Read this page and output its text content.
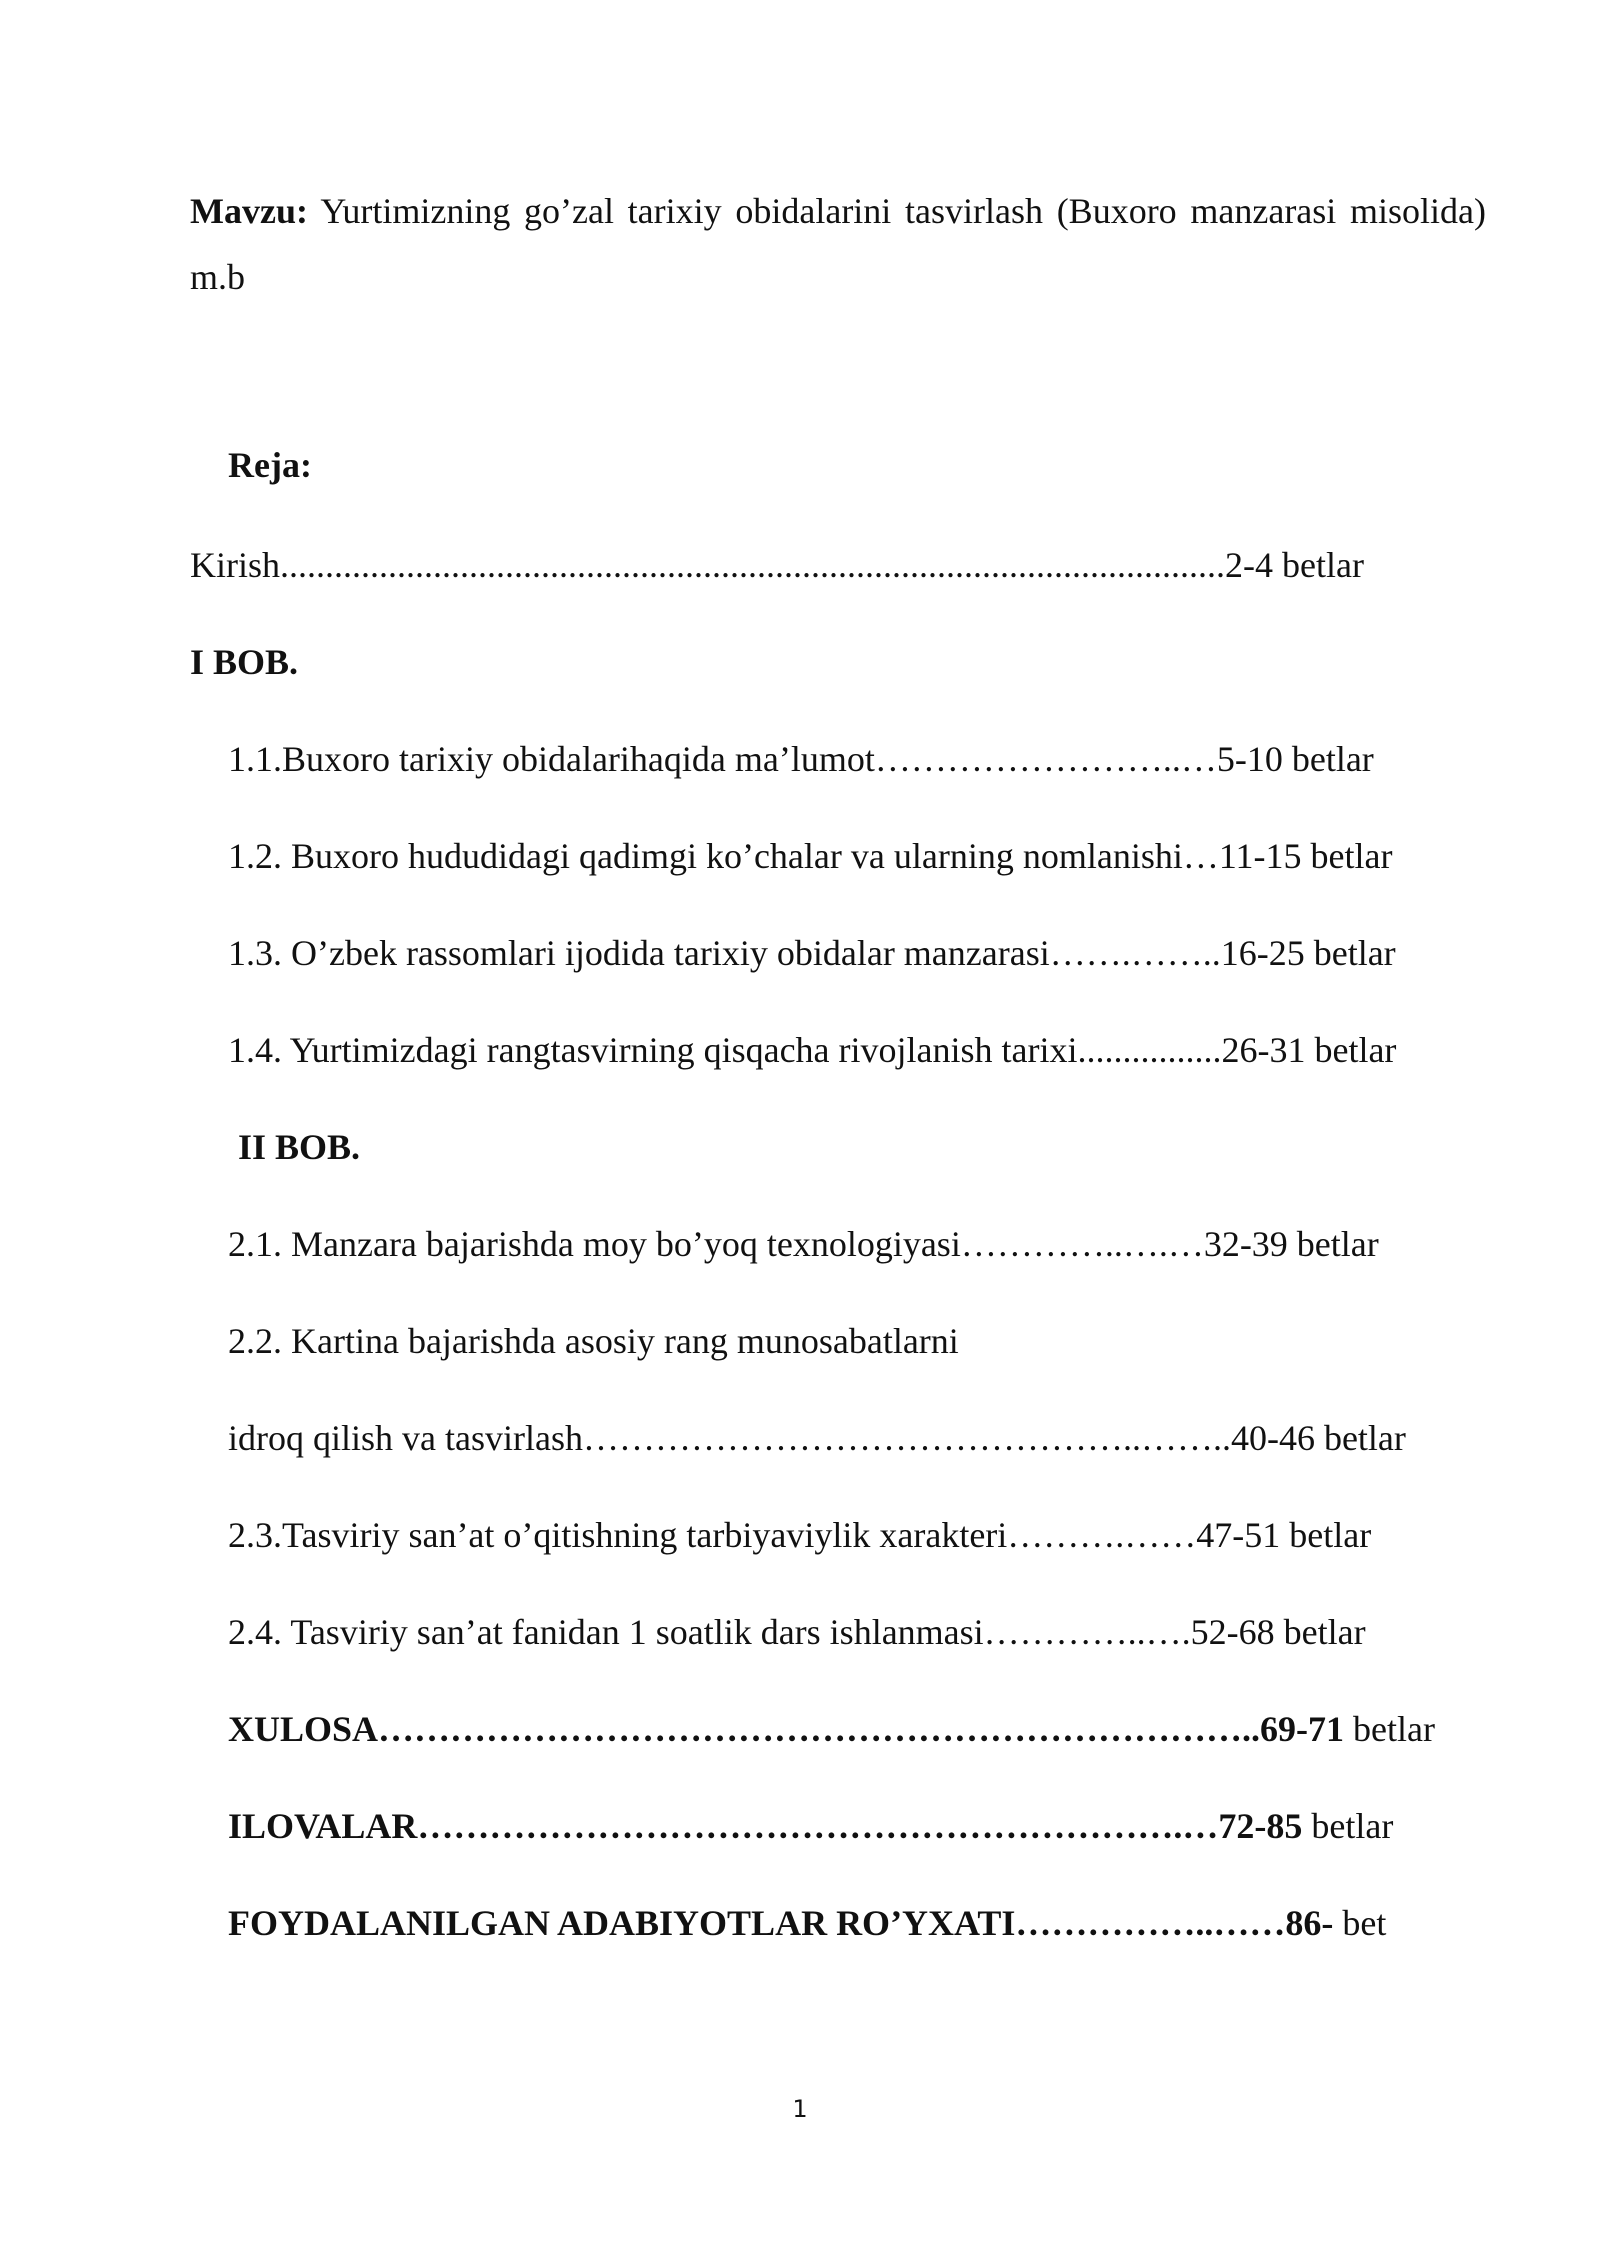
Mavzu: Yurtimizning go’zal tarixiy obidalarini tasvirlash (Buxoro manzarasi misolida) m.b
Reja:
Kirish.........................................................................................................2-4 betlar
I BOB.
1.1.Buxoro tarixiy obidalarihaqida ma’lumot……………………..…5-10 betlar
1.2. Buxoro hududidagi qadimgi ko’chalar va ularning nomlanishi…11-15 betlar
1.3. O’zbek rassomlari ijodida tarixiy obidalar manzarasi…….……..16-25 betlar
1.4. Yurtimizdagi rangtasvirning qisqacha rivojlanish tarixi................26-31 betlar
II BOB.
2.1. Manzara bajarishda moy bo’yoq texnologiyasi…………..….…32-39 betlar
2.2. Kartina bajarishda asosiy rang munosabatlarni
idroq qilish va tasvirlash………………………………………..……..40-46 betlar
2.3.Tasviriy san’at o’qitishning tarbiyaviylik xarakteri……….……47-51 betlar
2.4. Tasviriy san’at fanidan 1 soatlik dars ishlanmasi…………..….52-68 betlar
XULOSA………………………………………………………………..69-71 betlar
ILOVALAR……………………………………………………….…72-85 betlar
FOYDALANILGAN ADABIYOTLAR RO’YXATI……………..……86- bet
1
